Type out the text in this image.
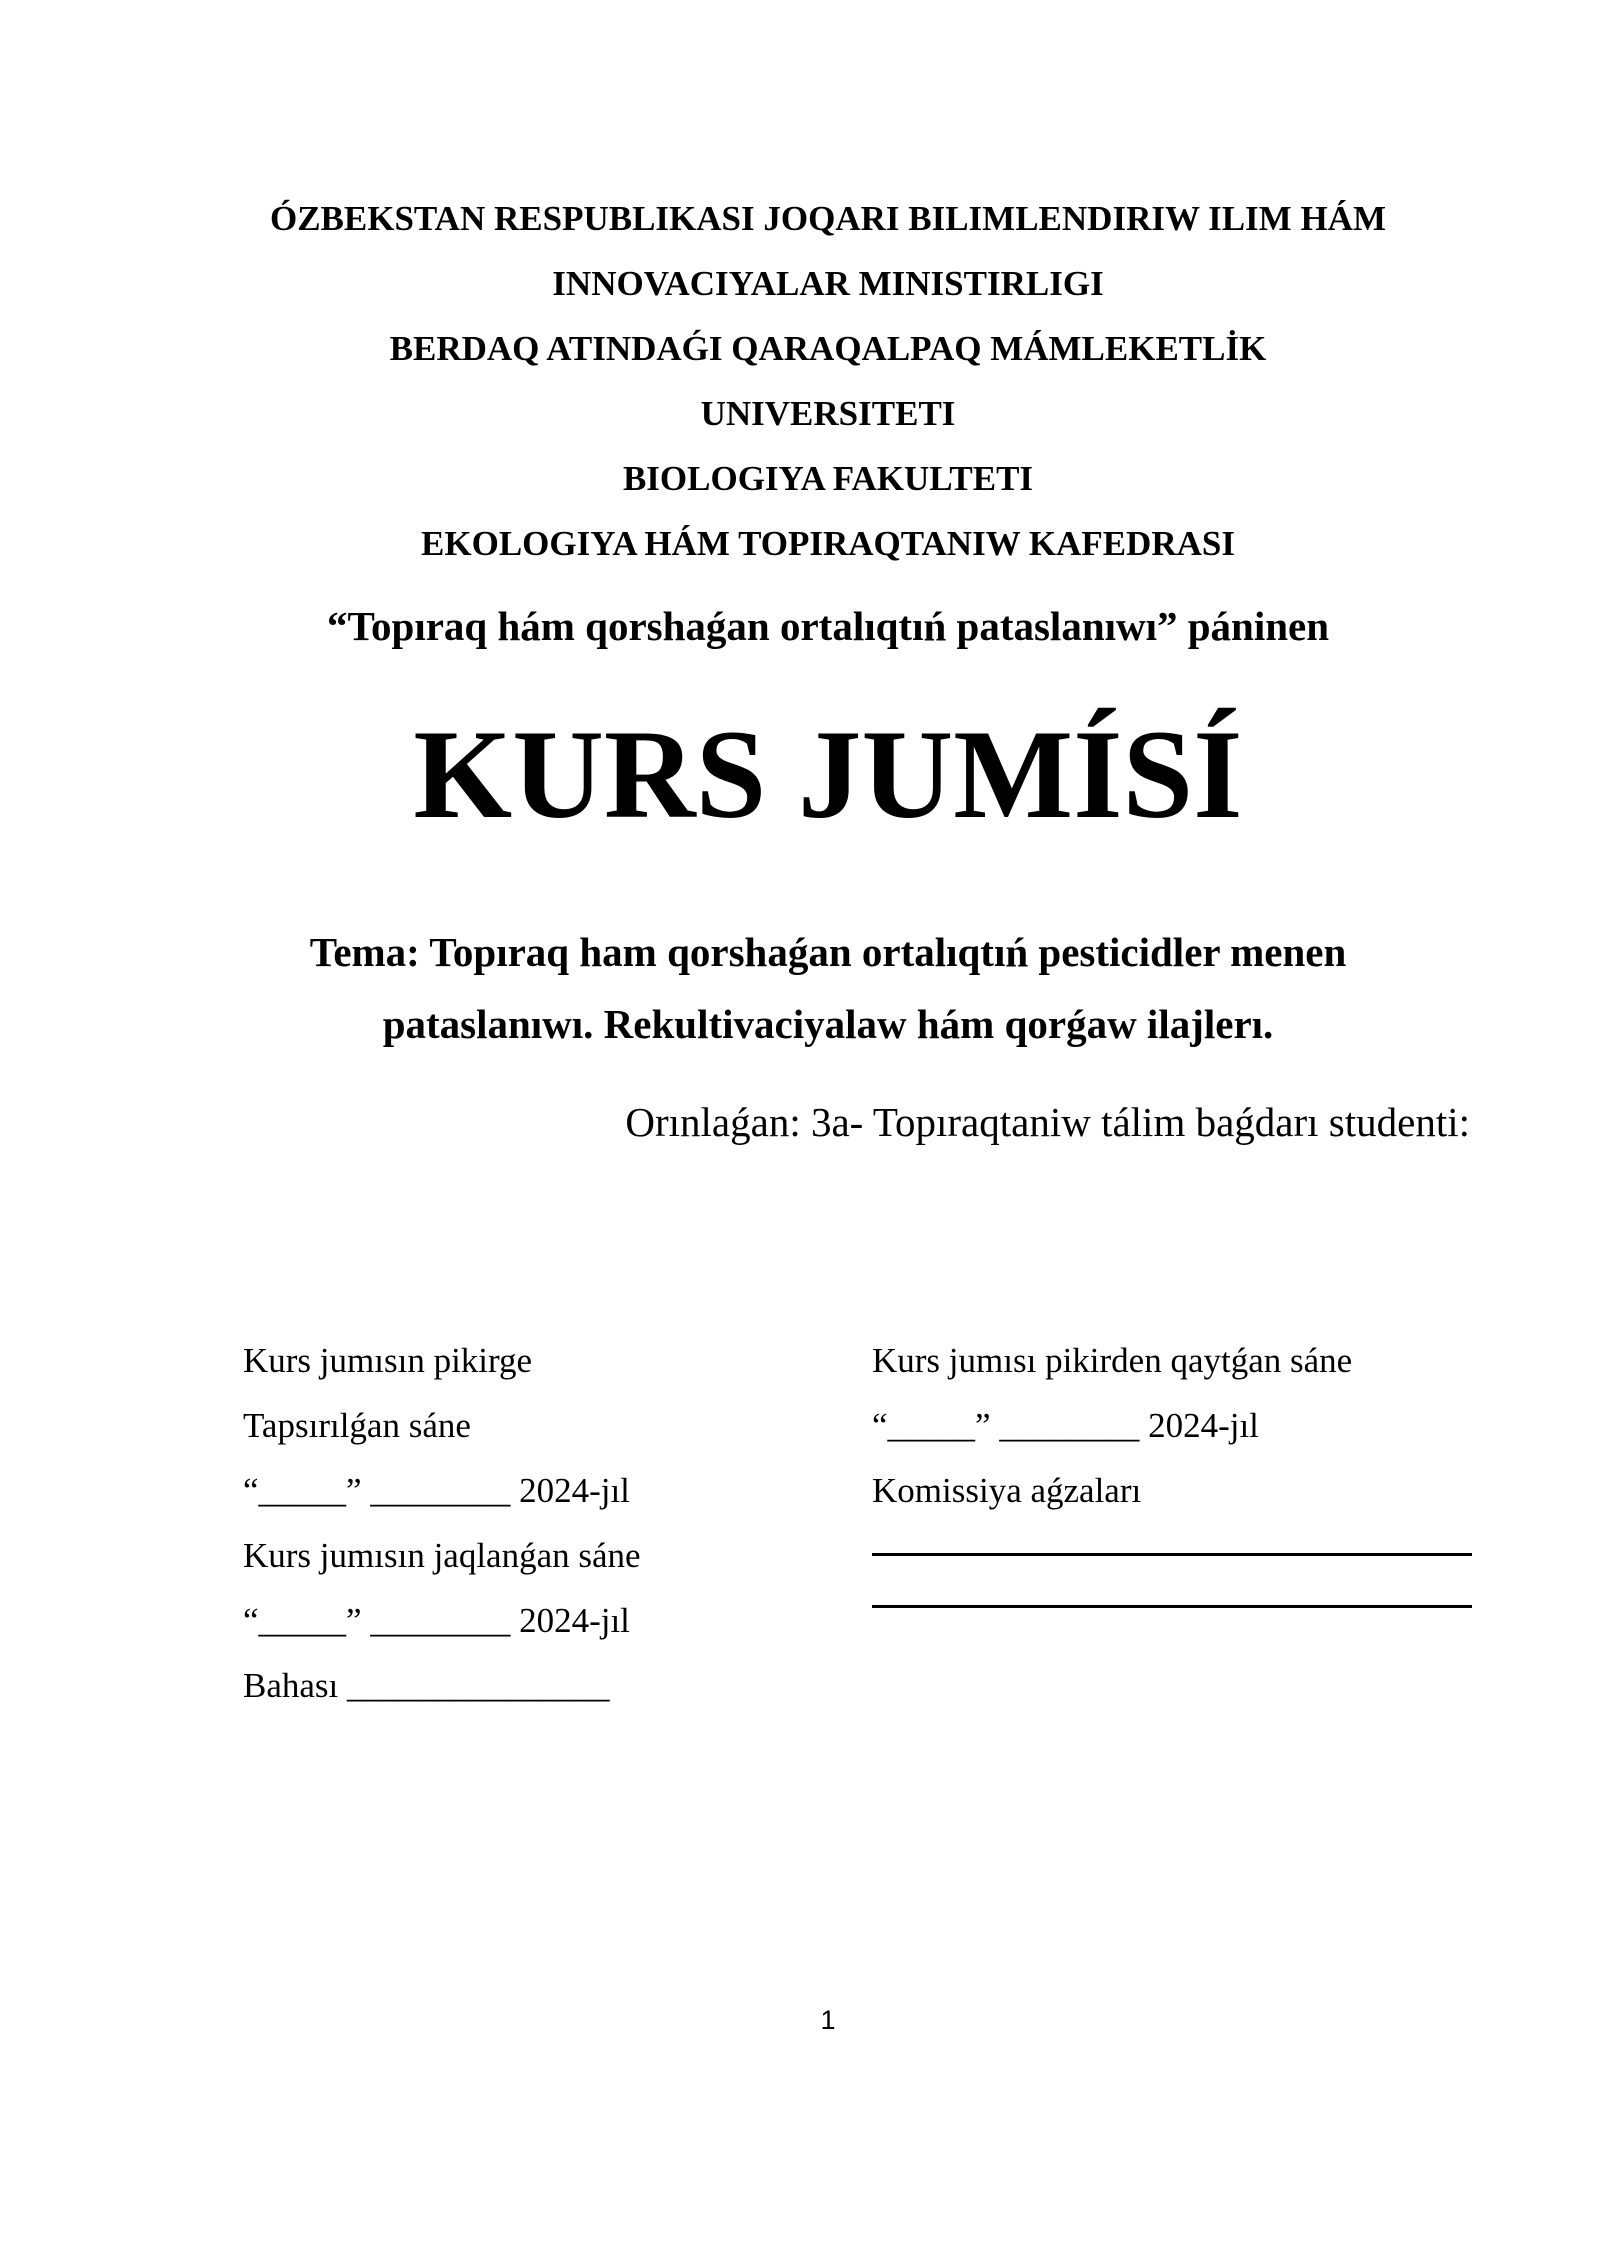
ÓZBEKSTAN RESPUBLIKASI JOQARI BILIMLENDIRIW ILIM HÁM
INNOVACIYALAR MINISTIRLIGI
BERDAQ ATINDAǴI QARAQALPAQ MÁMLEKETLİK
UNIVERSITETI
BIOLOGIYA FAKULTETI
EKOLOGIYA HÁM TOPIRAQTANIW KAFEDRASI
“Topıraq hám qorshaǵan ortalıqtıń pataslanıwı” páninen
KURS JUMÍSÍ
Tema: Topıraq ham qorshaǵan ortalıqtıń pesticidler menen
pataslanıwı. Rekultivaciyalaw hám qorǵaw ilajlerı.
Orınlaǵan: 3a- Topıraqtaniw tálim baǵdarı studenti:
Kurs jumısın pikirge
Tapsırılǵan sáne
“_____” ________ 2024-jıl
Kurs jumısın jaqlanǵan sáne
“_____” ________ 2024-jıl
Bahası _______________
Kurs jumısı pikirden qaytǵan sáne
“_____” ________ 2024-jıl
Komissiya aǵzaları
1
